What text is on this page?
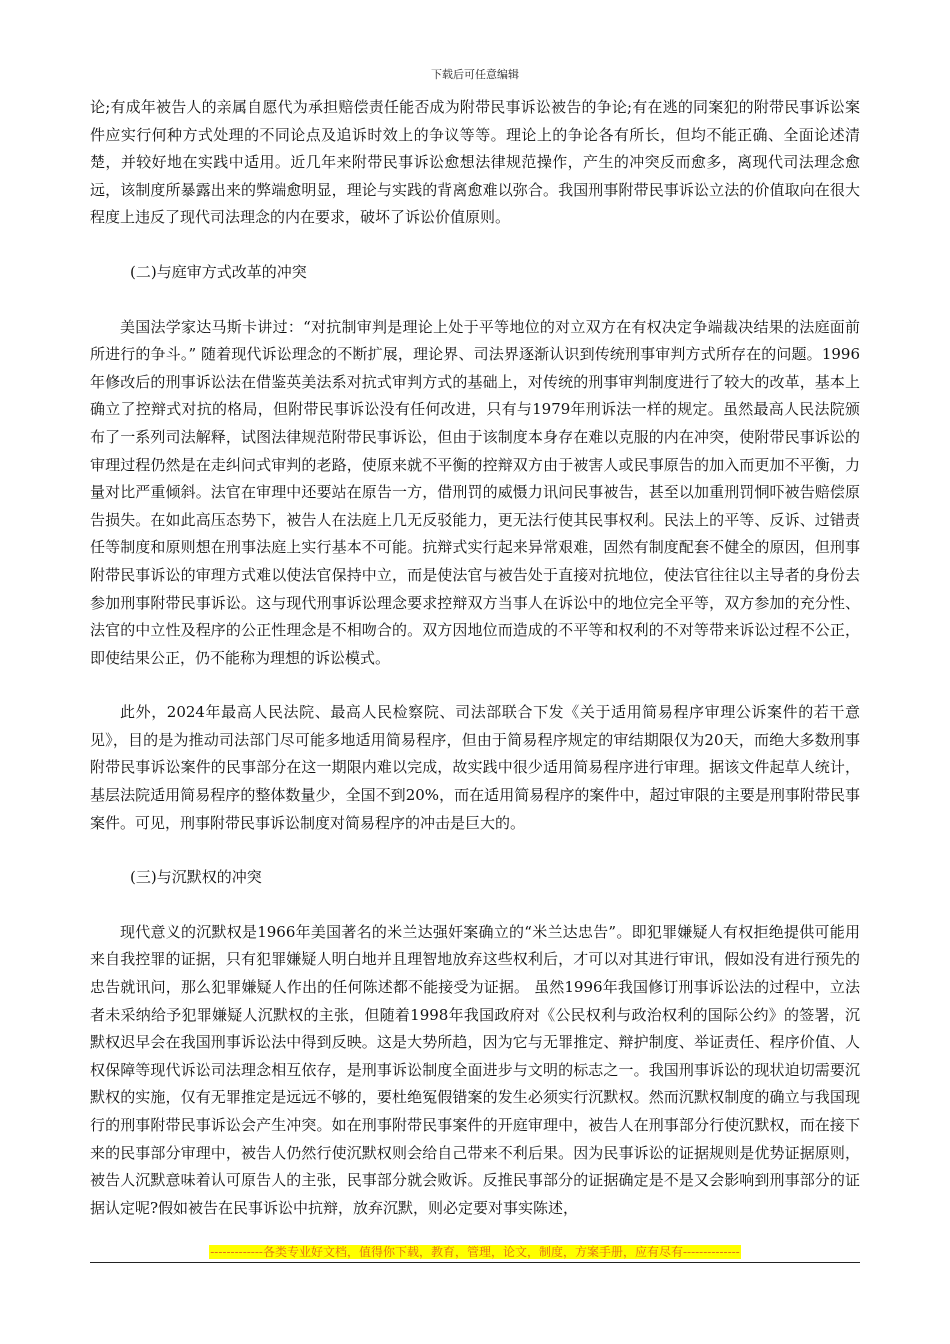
下载后可任意编辑

论;有成年被告人的亲属自愿代为承担赔偿责任能否成为附带民事诉讼被告的争论;有在逃的同案犯的附带民事诉讼案件应实行何种方式处理的不同论点及追诉时效上的争议等等。理论上的争论各有所长，但均不能正确、全面论述清楚，并较好地在实践中适用。近几年来附带民事诉讼愈想法律规范操作，产生的冲突反而愈多，离现代司法理念愈远，该制度所暴露出来的弊端愈明显，理论与实践的背离愈难以弥合。我国刑事附带民事诉讼立法的价值取向在很大程度上违反了现代司法理念的内在要求，破坏了诉讼价值原则。

(二)与庭审方式改革的冲突

美国法学家达马斯卡讲过：“对抗制审判是理论上处于平等地位的对立双方在有权决定争端裁决结果的法庭面前所进行的争斗。” 随着现代诉讼理念的不断扩展，理论界、司法界逐渐认识到传统刑事审判方式所存在的问题。1996年修改后的刑事诉讼法在借鉴英美法系对抗式审判方式的基础上，对传统的刑事审判制度进行了较大的改革，基本上确立了控辩式对抗的格局，但附带民事诉讼没有任何改进，只有与1979年刑诉法一样的规定。虽然最高人民法院颁布了一系列司法解释，试图法律规范附带民事诉讼，但由于该制度本身存在难以克服的内在冲突，使附带民事诉讼的审理过程仍然是在走纠问式审判的老路，使原来就不平衡的控辩双方由于被害人或民事原告的加入而更加不平衡，力量对比严重倾斜。法官在审理中还要站在原告一方，借刑罚的威慑力讯问民事被告，甚至以加重刑罚恫吓被告赔偿原告损失。在如此高压态势下，被告人在法庭上几无反驳能力，更无法行使其民事权利。民法上的平等、反诉、过错责任等制度和原则想在刑事法庭上实行基本不可能。抗辩式实行起来异常艰难，固然有制度配套不健全的原因，但刑事附带民事诉讼的审理方式难以使法官保持中立，而是使法官与被告处于直接对抗地位，使法官往往以主导者的身份去参加刑事附带民事诉讼。这与现代刑事诉讼理念要求控辩双方当事人在诉讼中的地位完全平等，双方参加的充分性、法官的中立性及程序的公正性理念是不相吻合的。双方因地位而造成的不平等和权利的不对等带来诉讼过程不公正，即使结果公正，仍不能称为理想的诉讼模式。

此外，2024年最高人民法院、最高人民检察院、司法部联合下发《关于适用简易程序审理公诉案件的若干意见》，目的是为推动司法部门尽可能多地适用简易程序，但由于简易程序规定的审结期限仅为20天，而绝大多数刑事附带民事诉讼案件的民事部分在这一期限内难以完成，故实践中很少适用简易程序进行审理。据该文件起草人统计，基层法院适用简易程序的整体数量少，全国不到20%，而在适用简易程序的案件中，超过审限的主要是刑事附带民事案件。可见，刑事附带民事诉讼制度对简易程序的冲击是巨大的。

(三)与沉默权的冲突

现代意义的沉默权是1966年美国著名的米兰达强奸案确立的“米兰达忠告”。即犯罪嫌疑人有权拒绝提供可能用来自我控罪的证据，只有犯罪嫌疑人明白地并且理智地放弃这些权利后，才可以对其进行审讯，假如没有进行预先的忠告就讯问，那么犯罪嫌疑人作出的任何陈述都不能接受为证据。 虽然1996年我国修订刑事诉讼法的过程中，立法者未采纳给予犯罪嫌疑人沉默权的主张，但随着1998年我国政府对《公民权利与政治权利的国际公约》的签署，沉默权迟早会在我国刑事诉讼法中得到反映。这是大势所趋，因为它与无罪推定、辩护制度、举证责任、程序价值、人权保障等现代诉讼司法理念相互依存，是刑事诉讼制度全面进步与文明的标志之一。我国刑事诉讼的现状迫切需要沉默权的实施，仅有无罪推定是远远不够的，要杜绝冤假错案的发生必须实行沉默权。然而沉默权制度的确立与我国现行的刑事附带民事诉讼会产生冲突。如在刑事附带民事案件的开庭审理中，被告人在刑事部分行使沉默权，而在接下来的民事部分审理中，被告人仍然行使沉默权则会给自己带来不利后果。因为民事诉讼的证据规则是优势证据原则，被告人沉默意味着认可原告人的主张，民事部分就会败诉。反推民事部分的证据确定是不是又会影响到刑事部分的证据认定呢?假如被告在民事诉讼中抗辩，放弃沉默，则必定要对事实陈述，

-------------各类专业好文档，值得你下载，教育，管理，论文，制度，方案手册，应有尽有--------------
